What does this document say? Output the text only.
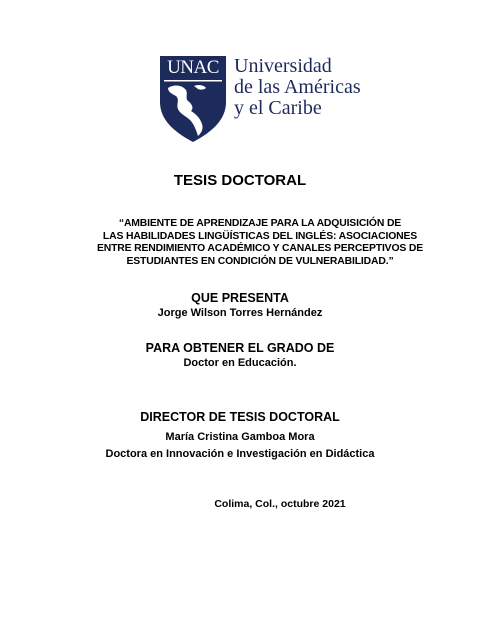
UNAC Universidad
de las Américas
y el Caribe
TESIS DOCTORAL
“AMBIENTE DE APRENDIZAJE PARA LA ADQUISICIÓN DE
LAS HABILIDADES LINGÜÍSTICAS DEL INGLÉS: ASOCIACIONES
ENTRE RENDIMIENTO ACADÉMICO Y CANALES PERCEPTIVOS DE
ESTUDIANTES EN CONDICIÓN DE VULNERABILIDAD.”
QUE PRESENTA
Jorge Wilson Torres Hernández
PARA OBTENER EL GRADO DE
Doctor en Educación.
DIRECTOR DE TESIS DOCTORAL
María Cristina Gamboa Mora
Doctora en Innovación e Investigación en Didáctica
Colima, Col., octubre 2021
